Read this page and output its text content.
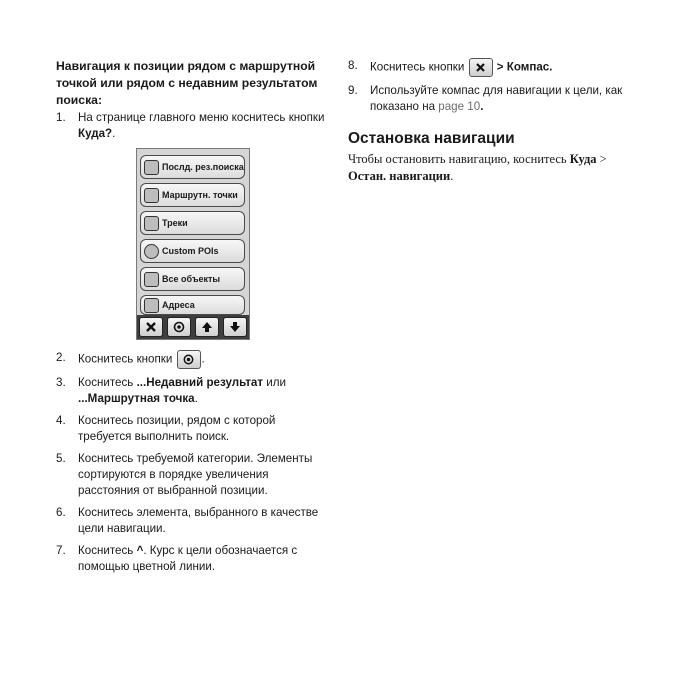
Навигация к позиции рядом с маршрутной точкой или рядом с недавним результатом поиска:
1.	На странице главного меню коснитесь кнопки Куда?.
Послд. рез.поиска
Маршрутн. точки
Треки
Custom POIs
Все объекты
Адреса
2.	Коснитесь кнопки
.
3.	Коснитесь ...Недавний результат или ...Маршрутная точка.
4.	Коснитесь позиции, рядом с которой требуется выполнить поиск.
5.	Коснитесь требуемой категории. Элементы сортируются в порядке увеличения расстояния от выбранной позиции.
6.	Коснитесь элемента, выбранного в качестве цели навигации.
7.	Коснитесь ^. Курс к цели обозначается с помощью цветной линии.
8.	Коснитесь кнопки
> Компас.
9.	Используйте компас для навигации к цели, как показано на page 10.
Остановка навигации

Чтобы остановить навигацию, коснитесь Куда > Остан. навигации.
